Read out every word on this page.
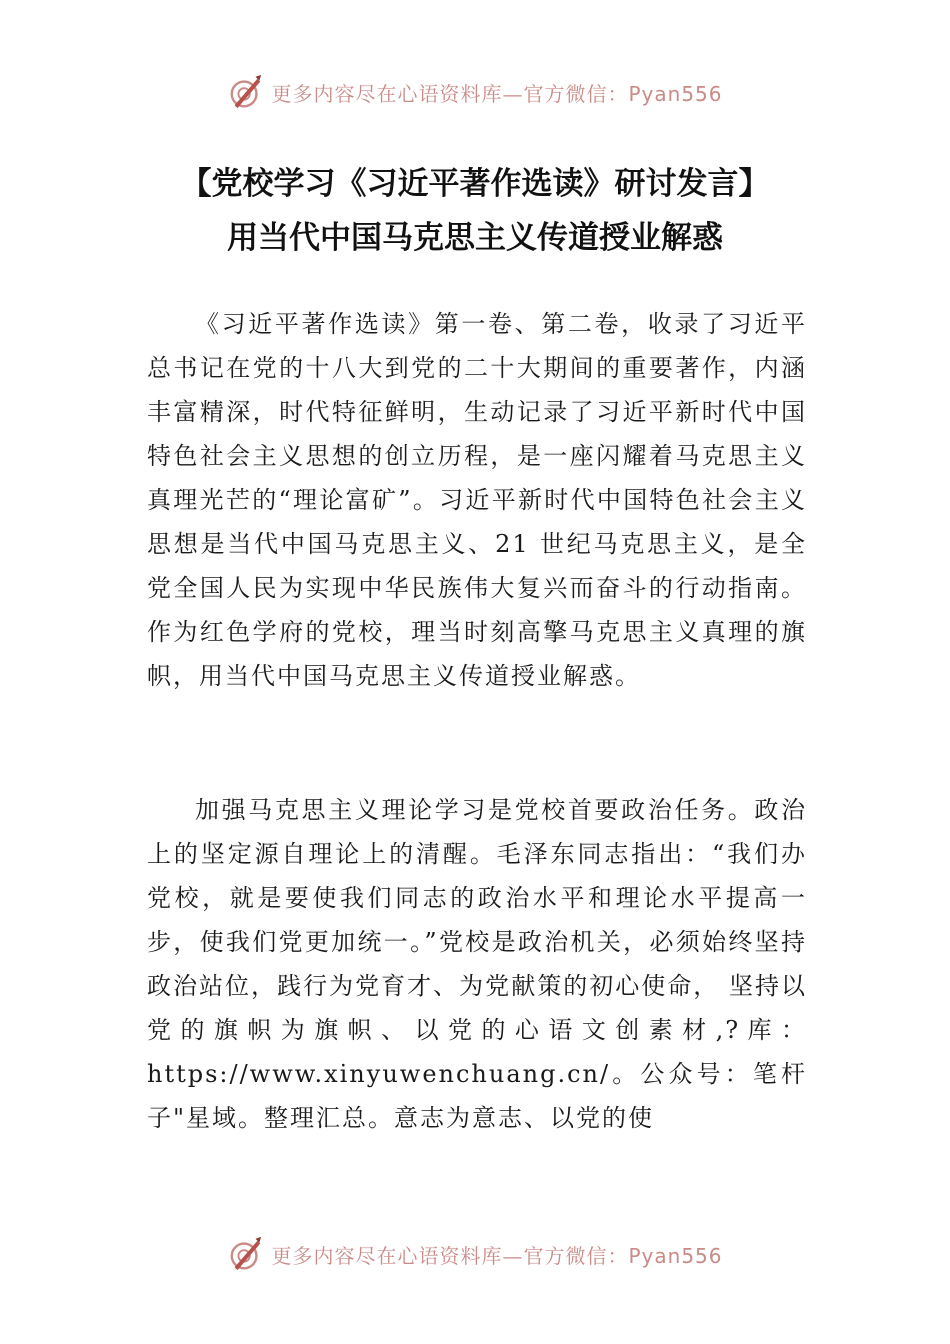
更多内容尽在心语资料库—官方微信：Pyan556
【党校学习《习近平著作选读》研讨发言】
用当代中国马克思主义传道授业解惑

《习近平著作选读》第一卷、第二卷，收录了习近平总书记在党的十八大到党的二十大期间的重要著作，内涵丰富精深，时代特征鲜明，生动记录了习近平新时代中国特色社会主义思想的创立历程，是一座闪耀着马克思主义真理光芒的“理论富矿”。习近平新时代中国特色社会主义思想是当代中国马克思主义、21 世纪马克思主义，是全党全国人民为实现中华民族伟大复兴而奋斗的行动指南。作为红色学府的党校，理当时刻高擎马克思主义真理的旗帜，用当代中国马克思主义传道授业解惑。

加强马克思主义理论学习是党校首要政治任务。政治上的坚定源自理论上的清醒。毛泽东同志指出：“我们办党校，就是要使我们同志的政治水平和理论水平提高一步，使我们党更加统一。”党校是政治机关，必须始终坚持政治站位，践行为党育才、为党献策的初心使命， 坚持以党的旗帜为旗帜、以党的心语文创素材,?库：https://www.xinyuwenchuang.cn/。公众号：笔杆子"星域。整理汇总。意志为意志、以党的使

更多内容尽在心语资料库—官方微信：Pyan556
